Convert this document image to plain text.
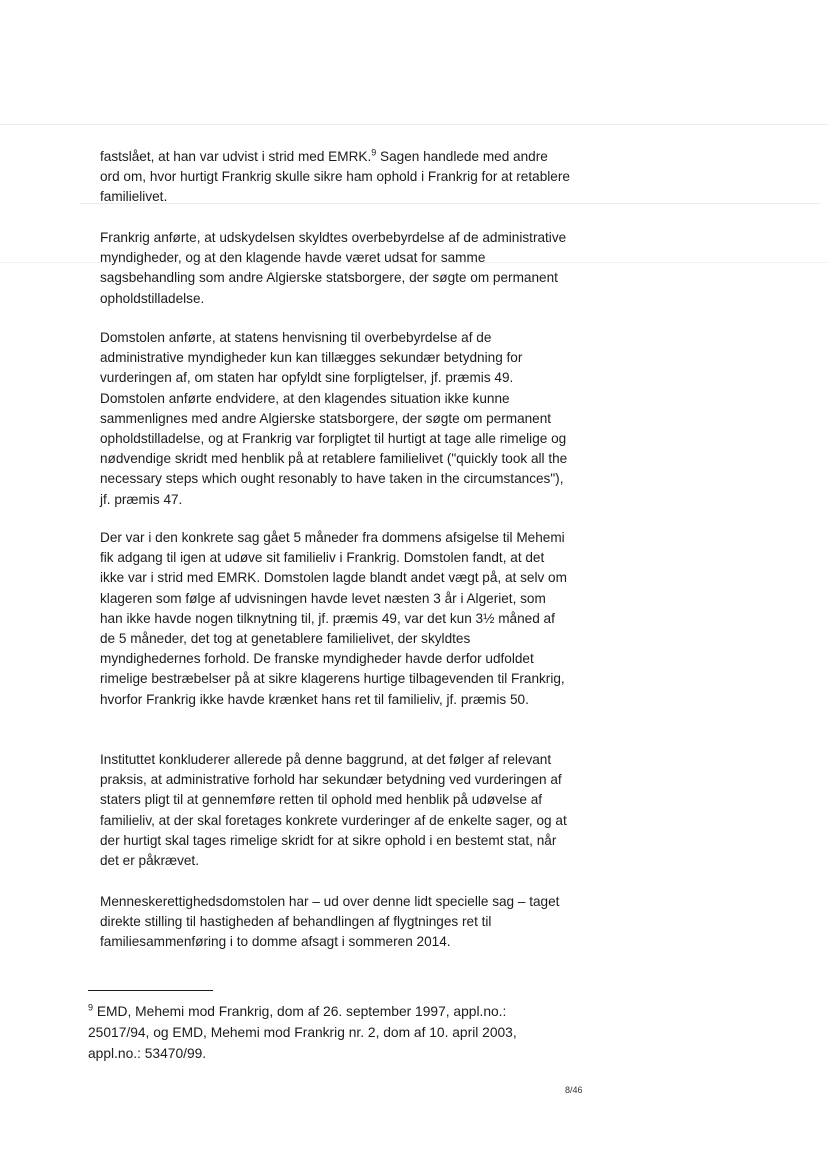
fastslået, at han var udvist i strid med EMRK.$^9$ Sagen handlede med andre ord om, hvor hurtigt Frankrig skulle sikre ham ophold i Frankrig for at retablere familielivet.

Frankrig anførte, at udskydelsen skyldtes overbebyrdelse af de administrative myndigheder, og at den klagende havde været udsat for samme sagsbehandling som andre Algierske statsborgere, der søgte om permanent opholdstilladelse.

Domstolen anførte, at statens henvisning til overbebyrdelse af de administrative myndigheder kun kan tillægges sekundær betydning for vurderingen af, om staten har opfyldt sine forpligtelser, jf. præmis 49. Domstolen anførte endvidere, at den klagendes situation ikke kunne sammenlignes med andre Algierske statsborgere, der søgte om permanent opholdstilladelse, og at Frankrig var forpligtet til hurtigt at tage alle rimelige og nødvendige skridt med henblik på at retablere familielivet ("quickly took all the necessary steps which ought resonably to have taken in the circumstances"), jf. præmis 47.

Der var i den konkrete sag gået 5 måneder fra dommens afsigelse til Mehemi fik adgang til igen at udøve sit familieliv i Frankrig. Domstolen fandt, at det ikke var i strid med EMRK. Domstolen lagde blandt andet vægt på, at selv om klageren som følge af udvisningen havde levet næsten 3 år i Algeriet, som han ikke havde nogen tilknytning til, jf. præmis 49, var det kun 3½ måned af de 5 måneder, det tog at genetablere familielivet, der skyldtes myndighedernes forhold. De franske myndigheder havde derfor udfoldet rimelige bestræbelser på at sikre klagerens hurtige tilbagevenden til Frankrig, hvorfor Frankrig ikke havde krænket hans ret til familieliv, jf. præmis 50.

Instituttet konkluderer allerede på denne baggrund, at det følger af relevant praksis, at administrative forhold har sekundær betydning ved vurderingen af staters pligt til at gennemføre retten til ophold med henblik på udøvelse af familieliv, at der skal foretages konkrete vurderinger af de enkelte sager, og at der hurtigt skal tages rimelige skridt for at sikre ophold i en bestemt stat, når det er påkrævet.

Menneskerettighedsdomstolen har – ud over denne lidt specielle sag – taget direkte stilling til hastigheden af behandlingen af flygtninges ret til familiesammenføring i to domme afsagt i sommeren 2014.

$^9$ EMD, Mehemi mod Frankrig, dom af 26. september 1997, appl.no.: 25017/94, og EMD, Mehemi mod Frankrig nr. 2, dom af 10. april 2003, appl.no.: 53470/99.

8/46
